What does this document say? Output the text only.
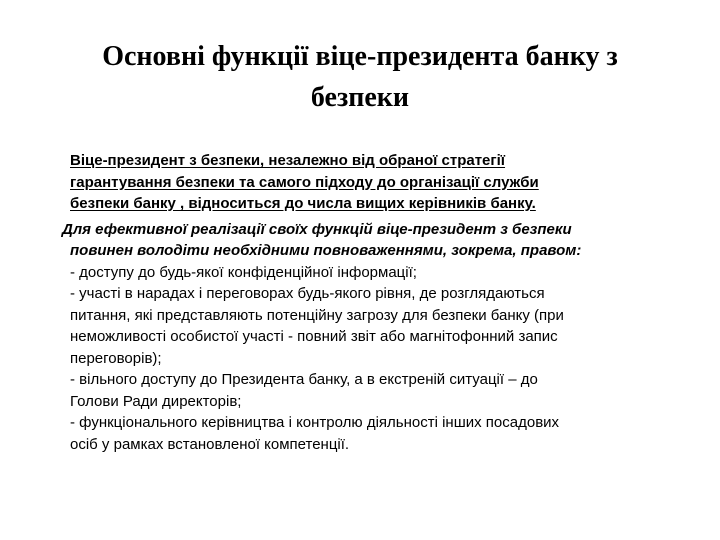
Основні функції віце-президента банку з
безпеки

Віце-президент з безпеки, незалежно від обраної стратегії
гарантування безпеки та самого підходу до організації служби
безпеки банку , відноситься до числа вищих керівників банку.

Для ефективної реалізації своїх функцій віце-президент з безпеки
повинен володіти необхідними повноваженнями, зокрема, правом:

- доступу до будь-якої конфіденційної інформації;
- участі в нарадах і переговорах будь-якого рівня, де розглядаються
питання, які представляють потенційну загрозу для безпеки банку (при
неможливості особистої участі - повний звіт або магнітофонний запис
переговорів);
- вільного доступу до Президента банку, а в екстреній ситуації – до
Голови Ради директорів;
- функціонального керівництва і контролю діяльності інших посадових
осіб у рамках встановленої компетенції.
